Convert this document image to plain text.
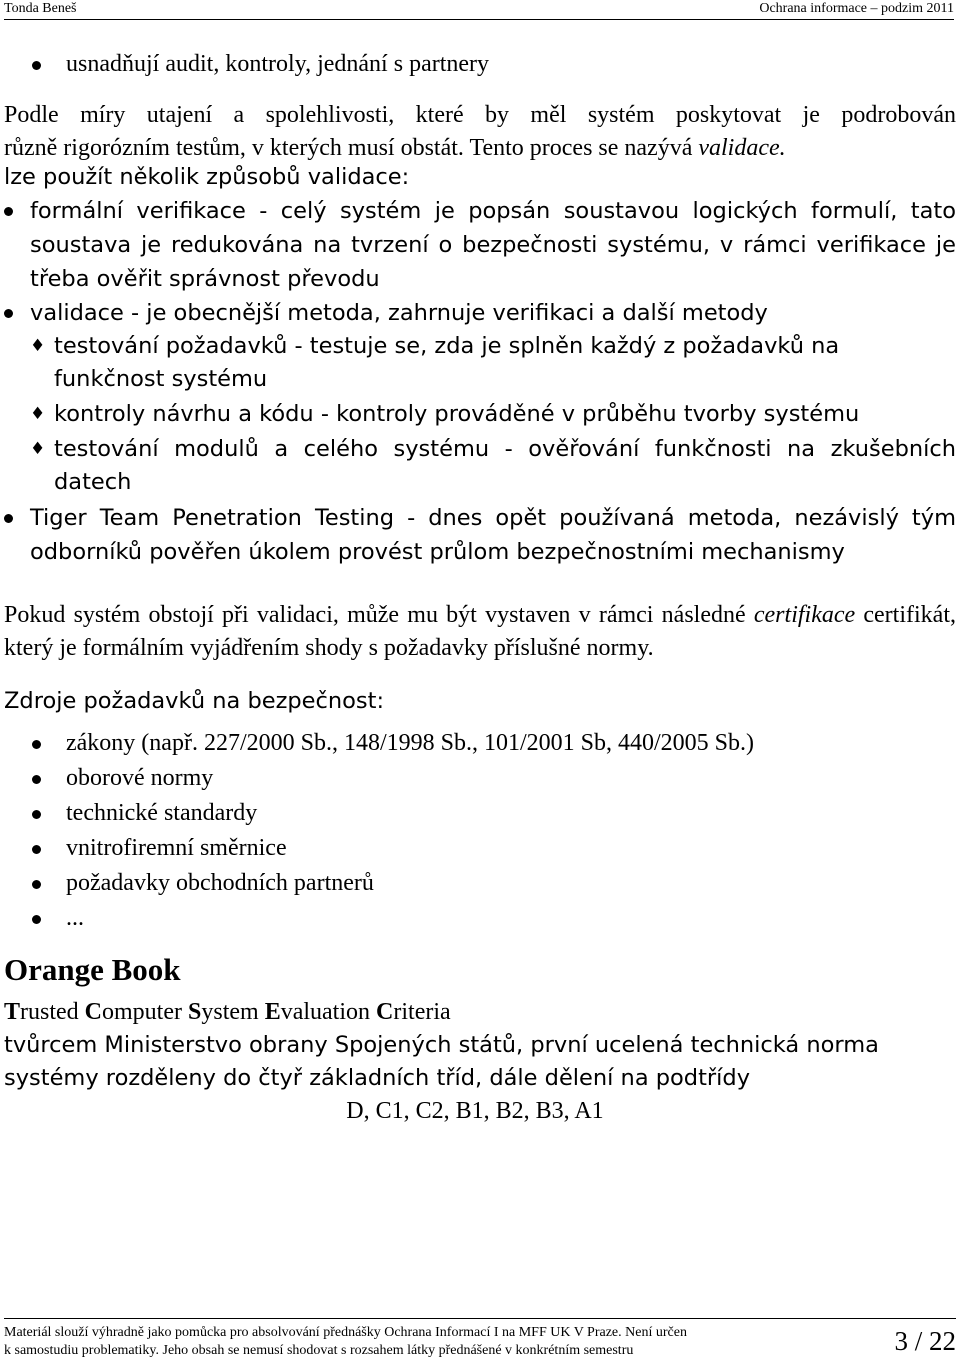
Tonda Beneš	Ochrana informace – podzim 2011
usnadňují audit, kontroly, jednání s partnery
Podle míry utajení a spolehlivosti, které by měl systém poskytovat je podrobován
různě rigorózním testům, v kterých musí obstát. Tento proces se nazývá validace.
lze použít několik způsobů validace:
formální verifikace - celý systém je popsán soustavou logických formulí, tato soustava je redukována na tvrzení o bezpečnosti systému, v rámci verifikace je třeba ověřit správnost převodu
validace - je obecnější metoda, zahrnuje verifikaci a další metody
♦ testování požadavků - testuje se, zda je splněn každý z požadavků na funkčnost systému
♦ kontroly návrhu a kódu - kontroly prováděné v průběhu tvorby systému
♦ testování modulů a celého systému - ověřování funkčnosti na zkušebních datech
Tiger Team Penetration Testing - dnes opět používaná metoda, nezávislý tým odborníků pověřen úkolem provést průlom bezpečnostními mechanismy
Pokud systém obstojí při validaci, může mu být vystaven v rámci následné certifikace certifikát, který je formálním vyjádřením shody s požadavky příslušné normy.
Zdroje požadavků na bezpečnost:
zákony (např. 227/2000 Sb., 148/1998 Sb., 101/2001 Sb, 440/2005 Sb.)
oborové normy
technické standardy
vnitrofiremní směrnice
požadavky obchodních partnerů
...
Orange Book
Trusted Computer System Evaluation Criteria
tvůrcem Ministerstvo obrany Spojených států, první ucelená technická norma
systémy rozděleny do čtyř základních tříd, dále dělení na podtřídy
D, C1, C2, B1, B2, B3, A1
Materiál slouží výhradně jako pomůcka pro absolvování přednášky Ochrana Informací I na MFF UK V Praze. Není určen
k samostudiu problematiky. Jeho obsah se nemusí shodovat s rozsahem látky přednášené v konkrétním semestru	3 / 22
